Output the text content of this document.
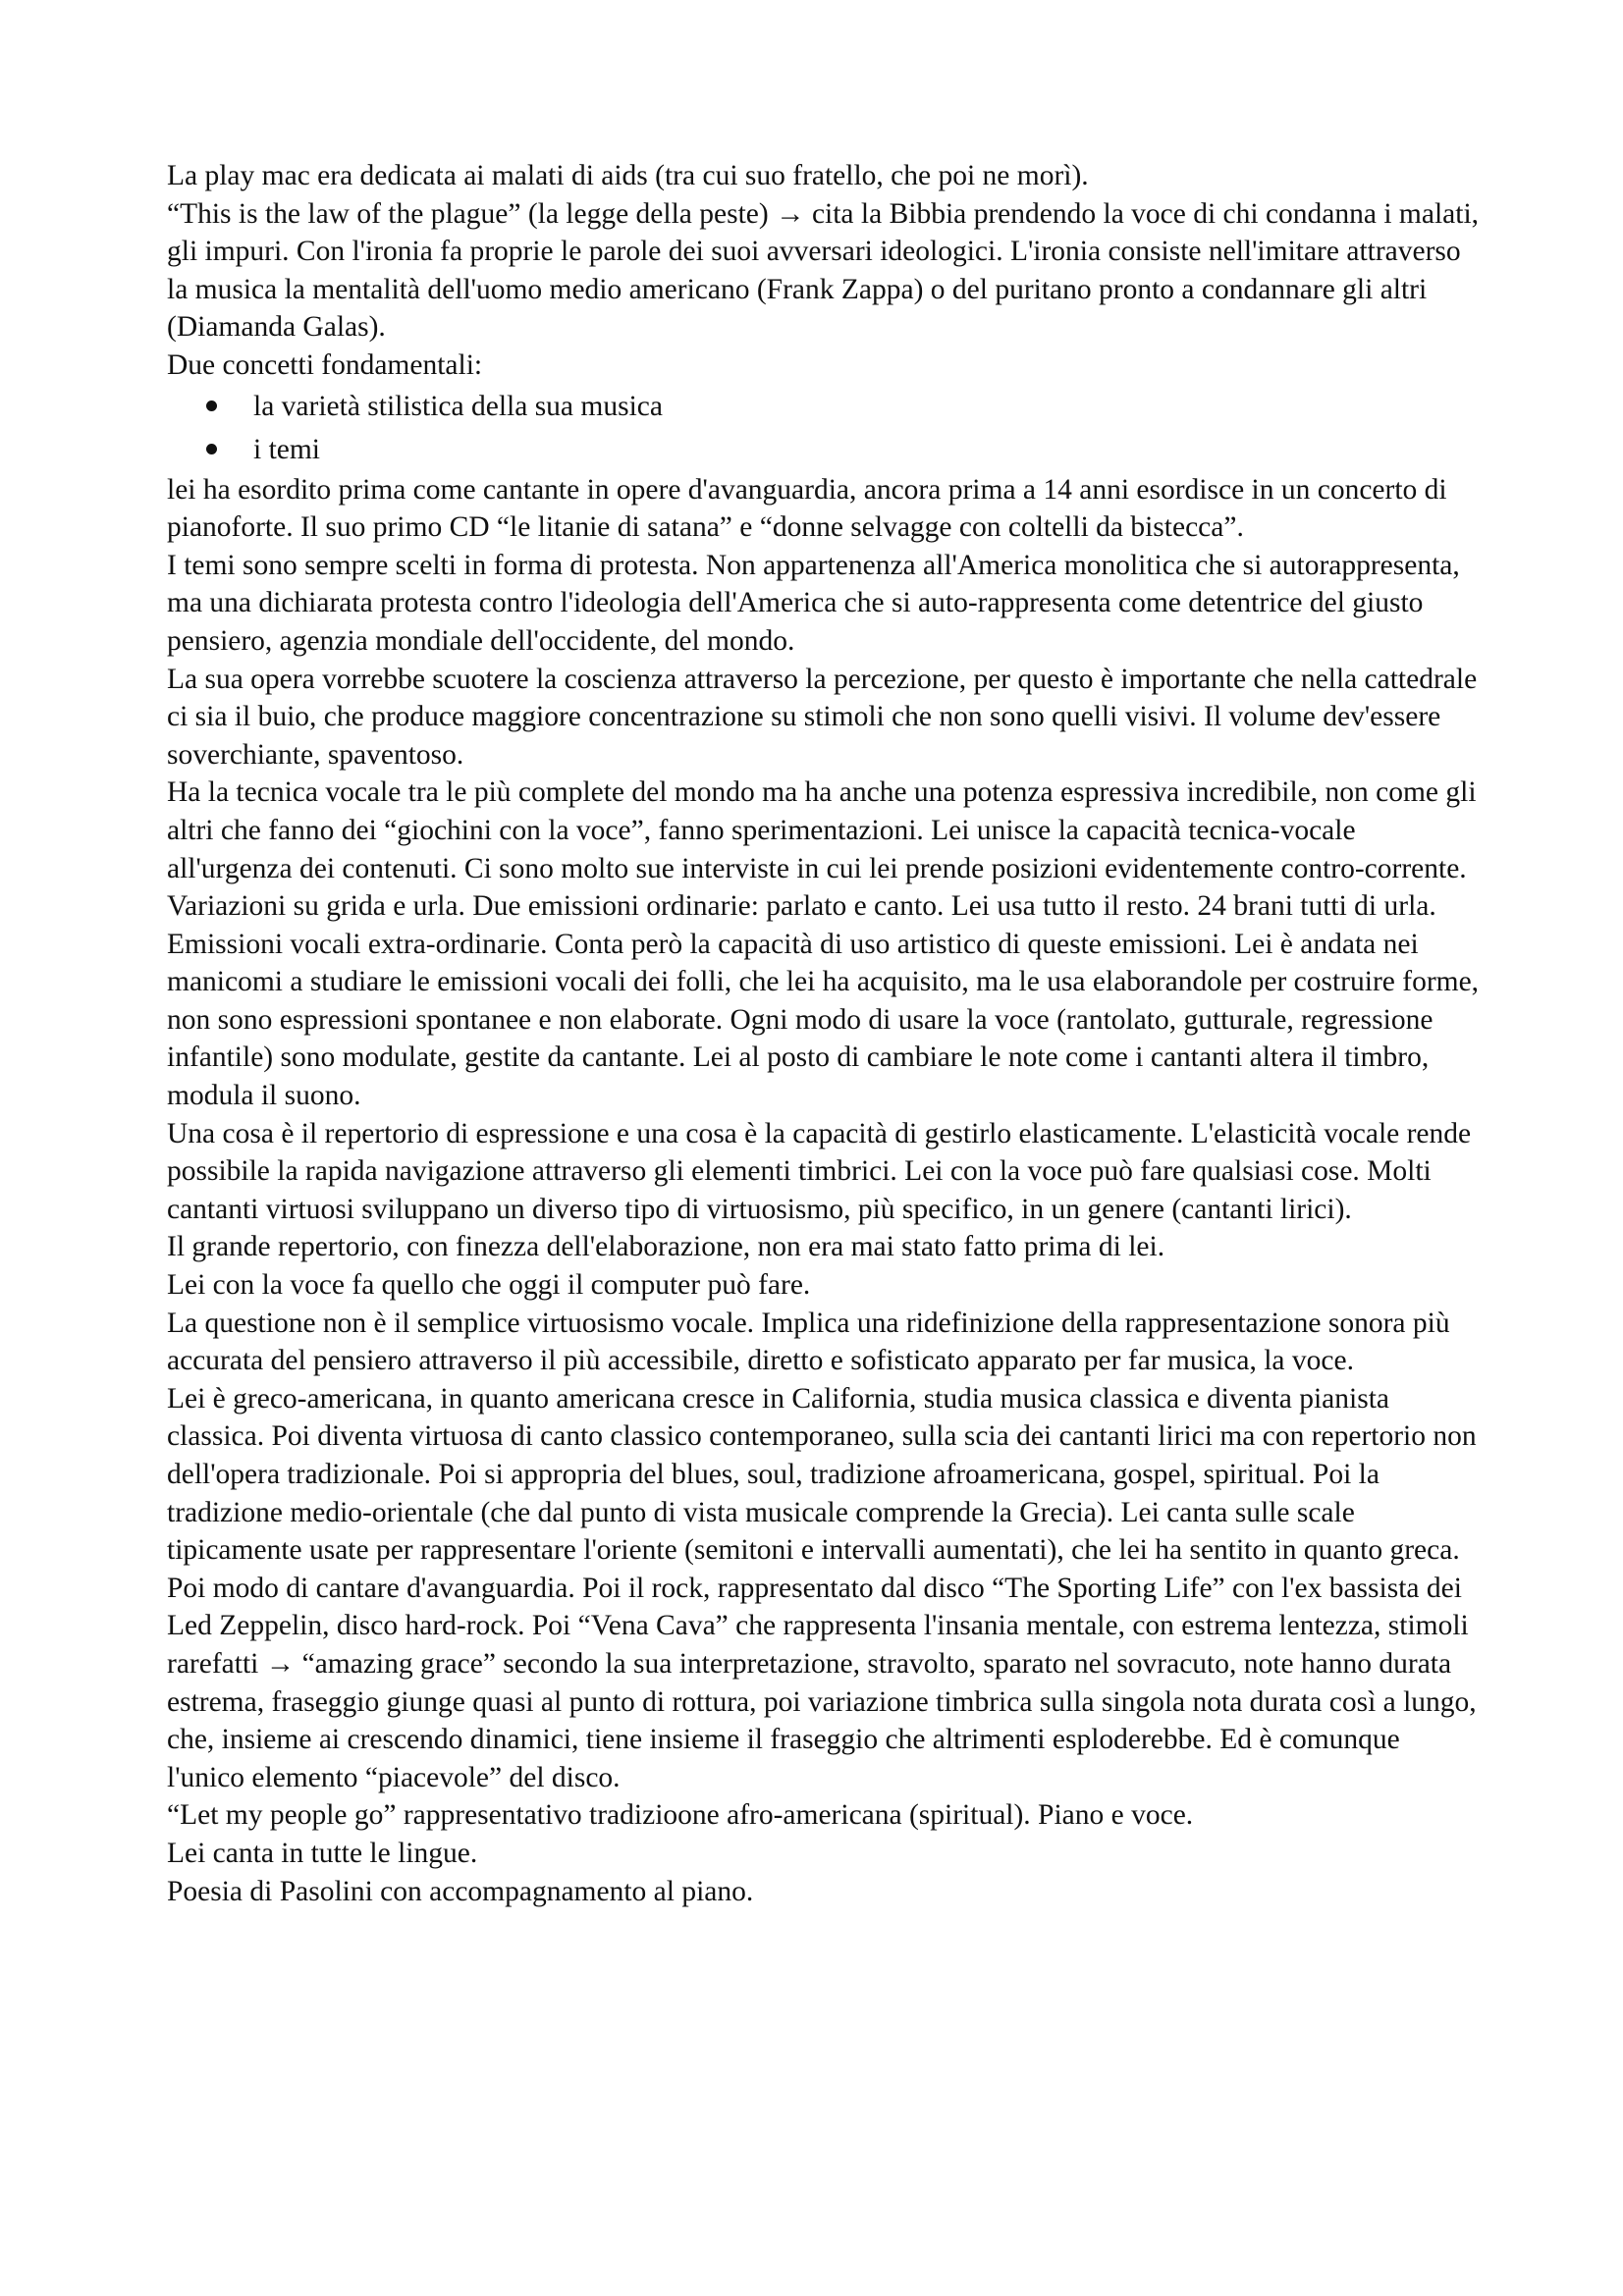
La play mac era dedicata ai malati di aids (tra cui suo fratello, che poi ne morì).

“This is the law of the plague” (la legge della peste) → cita la Bibbia prendendo la voce di chi condanna i malati, gli impuri. Con l'ironia fa proprie le parole dei suoi avversari ideologici. L'ironia consiste nell'imitare attraverso la musica la mentalità dell'uomo medio americano (Frank Zappa) o del puritano pronto a condannare gli altri (Diamanda Galas).

Due concetti fondamentali:

la varietà stilistica della sua musica
i temi

lei ha esordito prima come cantante in opere d'avanguardia, ancora prima a 14 anni esordisce in un concerto di pianoforte. Il suo primo CD “le litanie di satana” e “donne selvagge con coltelli da bistecca”.

I temi sono sempre scelti in forma di protesta. Non appartenenza all'America monolitica che si autorappresenta, ma una dichiarata protesta contro l'ideologia dell'America che si auto-rappresenta come detentrice del giusto pensiero, agenzia mondiale dell'occidente, del mondo.

La sua opera vorrebbe scuotere la coscienza attraverso la percezione, per questo è importante che nella cattedrale ci sia il buio, che produce maggiore concentrazione su stimoli che non sono quelli visivi. Il volume dev'essere soverchiante, spaventoso.

Ha la tecnica vocale tra le più complete del mondo ma ha anche una potenza espressiva incredibile, non come gli altri che fanno dei “giochini con la voce”, fanno sperimentazioni. Lei unisce la capacità tecnica-vocale all'urgenza dei contenuti. Ci sono molto sue interviste in cui lei prende posizioni evidentemente contro-corrente.

Variazioni su grida e urla. Due emissioni ordinarie: parlato e canto. Lei usa tutto il resto. 24 brani tutti di urla.

Emissioni vocali extra-ordinarie. Conta però la capacità di uso artistico di queste emissioni. Lei è andata nei manicomi a studiare le emissioni vocali dei folli, che lei ha acquisito, ma le usa elaborandole per costruire forme, non sono espressioni spontanee e non elaborate. Ogni modo di usare la voce (rantolato, gutturale, regressione infantile) sono modulate, gestite da cantante. Lei al posto di cambiare le note come i cantanti altera il timbro, modula il suono.

Una cosa è il repertorio di espressione e una cosa è la capacità di gestirlo elasticamente. L'elasticità vocale rende possibile la rapida navigazione attraverso gli elementi timbrici. Lei con la voce può fare qualsiasi cose. Molti cantanti virtuosi sviluppano un diverso tipo di virtuosismo, più specifico, in un genere (cantanti lirici).

Il grande repertorio, con finezza dell'elaborazione, non era mai stato fatto prima di lei.

Lei con la voce fa quello che oggi il computer può fare.

La questione non è il semplice virtuosismo vocale. Implica una ridefinizione della rappresentazione sonora più accurata del pensiero attraverso il più accessibile, diretto e sofisticato apparato per far musica, la voce.

Lei è greco-americana, in quanto americana cresce in California, studia musica classica e diventa pianista classica. Poi diventa virtuosa di canto classico contemporaneo, sulla scia dei cantanti lirici ma con repertorio non dell'opera tradizionale. Poi si appropria del blues, soul, tradizione afroamericana, gospel, spiritual. Poi la tradizione medio-orientale (che dal punto di vista musicale comprende la Grecia). Lei canta sulle scale tipicamente usate per rappresentare l'oriente (semitoni e intervalli aumentati), che lei ha sentito in quanto greca. Poi modo di cantare d'avanguardia. Poi il rock, rappresentato dal disco “The Sporting Life” con l'ex bassista dei Led Zeppelin, disco hard-rock. Poi “Vena Cava” che rappresenta l'insania mentale, con estrema lentezza, stimoli rarefatti → “amazing grace” secondo la sua interpretazione, stravolto, sparato nel sovracuto, note hanno durata estrema, fraseggio giunge quasi al punto di rottura, poi variazione timbrica sulla singola nota durata così a lungo, che, insieme ai crescendo dinamici, tiene insieme il fraseggio che altrimenti esploderebbe. Ed è comunque l'unico elemento “piacevole” del disco.

“Let my people go” rappresentativo tradizioone afro-americana (spiritual). Piano e voce.

Lei canta in tutte le lingue.

Poesia di Pasolini con accompagnamento al piano.
